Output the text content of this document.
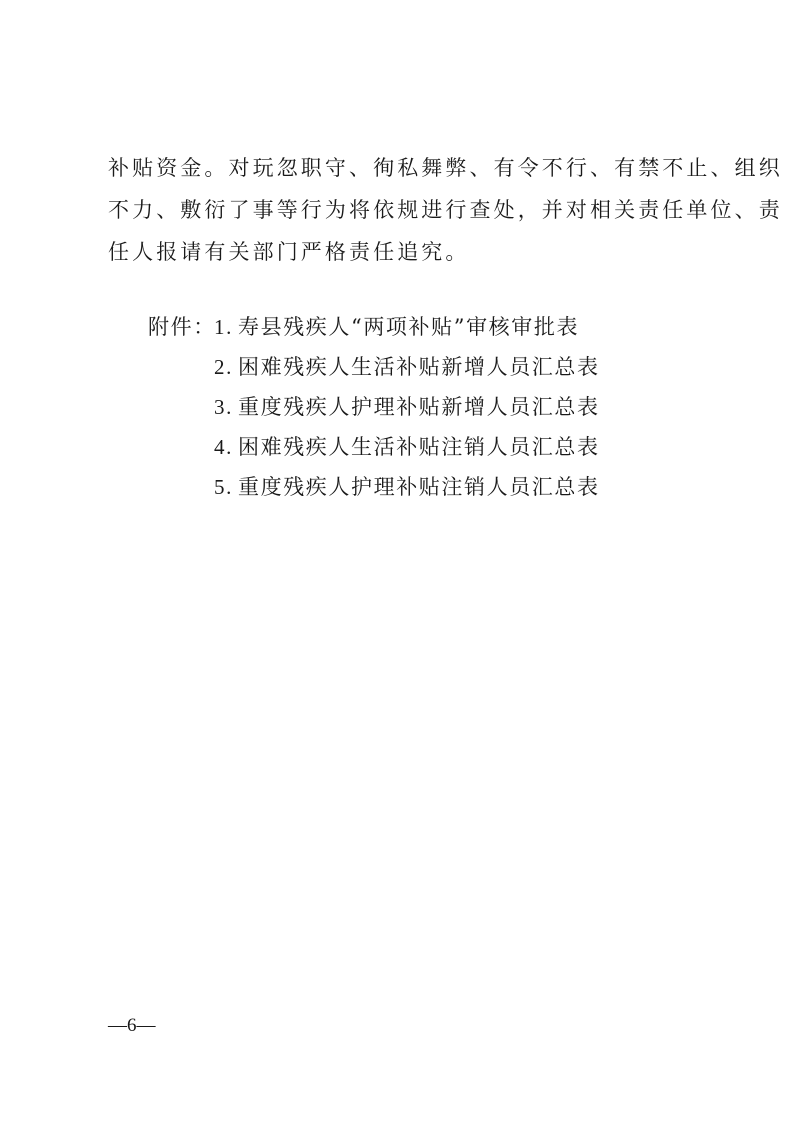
补贴资金。对玩忽职守、徇私舞弊、有令不行、有禁不止、组织
不力、敷衍了事等行为将依规进行查处，并对相关责任单位、责
任人报请有关部门严格责任追究。
附件：
1. 寿县残疾人“两项补贴”审核审批表
2. 困难残疾人生活补贴新增人员汇总表
3. 重度残疾人护理补贴新增人员汇总表
4. 困难残疾人生活补贴注销人员汇总表
5. 重度残疾人护理补贴注销人员汇总表
—6—
